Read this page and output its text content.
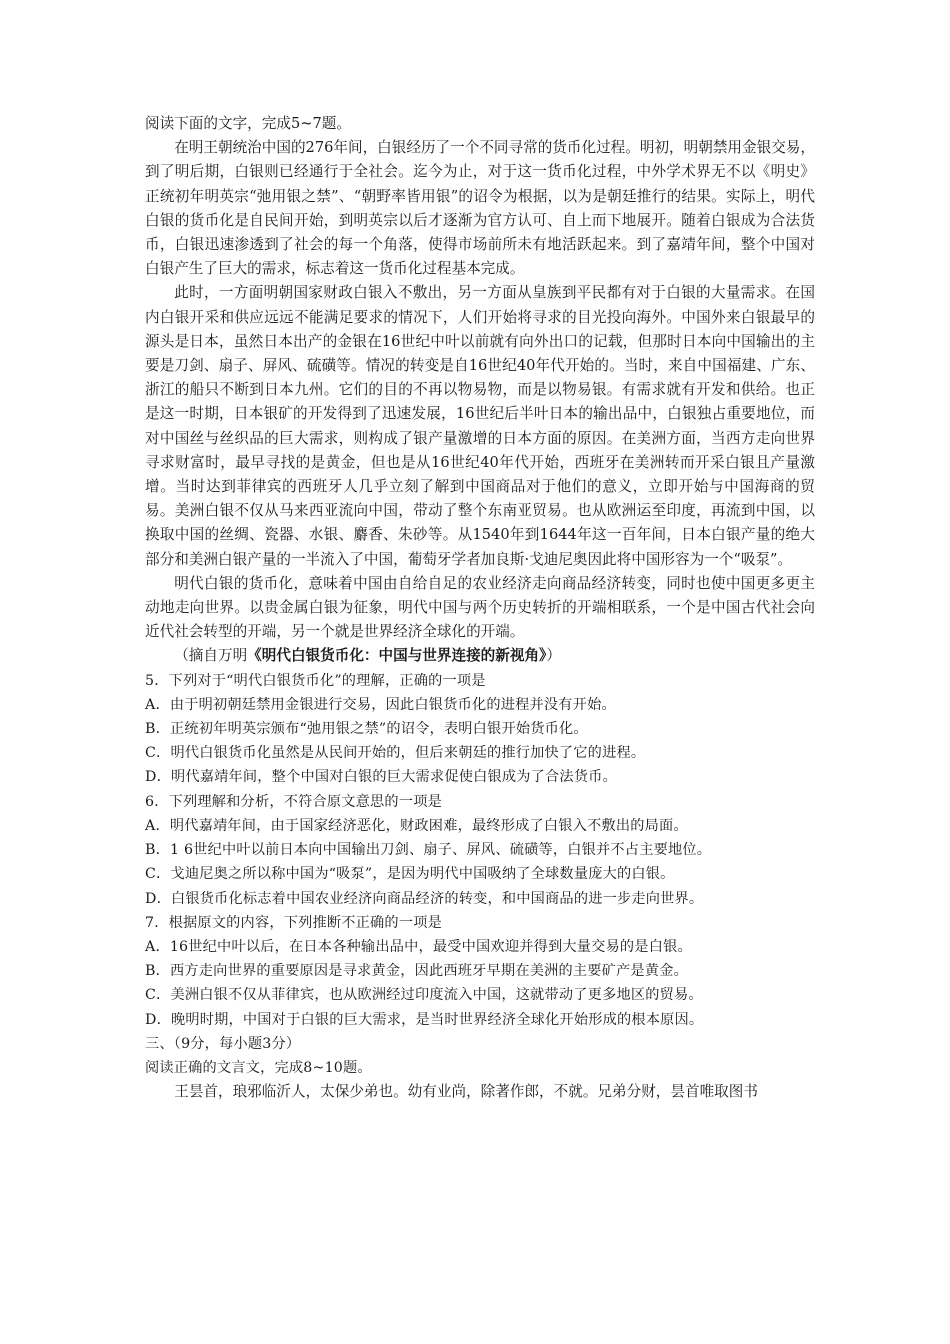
阅读下面的文字，完成5~7题。

在明王朝统治中国的276年间，白银经历了一个不同寻常的货币化过程。明初，明朝禁用金银交易，到了明后期，白银则已经通行于全社会。迄今为止，对于这一货币化过程，中外学术界无不以《明史》正统初年明英宗“弛用银之禁”、“朝野率皆用银”的诏令为根据，以为是朝廷推行的结果。实际上，明代白银的货币化是自民间开始，到明英宗以后才逐渐为官方认可、自上而下地展开。随着白银成为合法货币，白银迅速渗透到了社会的每一个角落，使得市场前所未有地活跃起来。到了嘉靖年间，整个中国对白银产生了巨大的需求，标志着这一货币化过程基本完成。

此时，一方面明朝国家财政白银入不敷出，另一方面从皇族到平民都有对于白银的大量需求。在国内白银开采和供应远远不能满足要求的情况下，人们开始将寻求的目光投向海外。中国外来白银最早的源头是日本，虽然日本出产的金银在16世纪中叶以前就有向外出口的记载，但那时日本向中国输出的主要是刀剑、扇子、屏风、硫磺等。情况的转变是自16世纪40年代开始的。当时，来自中国福建、广东、浙江的船只不断到日本九州。它们的目的不再以物易物，而是以物易银。有需求就有开发和供给。也正是这一时期，日本银矿的开发得到了迅速发展，16世纪后半叶日本的输出品中，白银独占重要地位，而对中国丝与丝织品的巨大需求，则构成了银产量激增的日本方面的原因。在美洲方面，当西方走向世界寻求财富时，最早寻找的是黄金，但也是从16世纪40年代开始，西班牙在美洲转而开采白银且产量激增。当时达到菲律宾的西班牙人几乎立刻了解到中国商品对于他们的意义，立即开始与中国海商的贸易。美洲白银不仅从马来西亚流向中国，带动了整个东南亚贸易。也从欧洲运至印度，再流到中国，以换取中国的丝绸、瓷器、水银、麝香、朱砂等。从1540年到1644年这一百年间，日本白银产量的绝大部分和美洲白银产量的一半流入了中国，葡萄牙学者加良斯·戈迪尼奥因此将中国形容为一个“吸泵”。

明代白银的货币化，意味着中国由自给自足的农业经济走向商品经济转变，同时也使中国更多更主动地走向世界。以贵金属白银为征象，明代中国与两个历史转折的开端相联系，一个是中国古代社会向近代社会转型的开端，另一个就是世界经济全球化的开端。

（摘自万明《明代白银货币化：中国与世界连接的新视角》）

5．下列对于“明代白银货币化”的理解，正确的一项是

A．由于明初朝廷禁用金银进行交易，因此白银货币化的进程并没有开始。

B．正统初年明英宗颁布“弛用银之禁”的诏令，表明白银开始货币化。

C．明代白银货币化虽然是从民间开始的，但后来朝廷的推行加快了它的进程。

D．明代嘉靖年间，整个中国对白银的巨大需求促使白银成为了合法货币。

6．下列理解和分析，不符合原文意思的一项是

A．明代嘉靖年间，由于国家经济恶化，财政困难，最终形成了白银入不敷出的局面。

B．1 6世纪中叶以前日本向中国输出刀剑、扇子、屏风、硫磺等，白银并不占主要地位。

C．戈迪尼奥之所以称中国为“吸泵”，是因为明代中国吸纳了全球数量庞大的白银。

D．白银货币化标志着中国农业经济向商品经济的转变，和中国商品的进一步走向世界。

7．根据原文的内容，下列推断不正确的一项是

A．16世纪中叶以后，在日本各种输出品中，最受中国欢迎并得到大量交易的是白银。

B．西方走向世界的重要原因是寻求黄金，因此西班牙早期在美洲的主要矿产是黄金。

C．美洲白银不仅从菲律宾，也从欧洲经过印度流入中国，这就带动了更多地区的贸易。

D．晚明时期，中国对于白银的巨大需求，是当时世界经济全球化开始形成的根本原因。

三、（9分，每小题3分）

阅读正确的文言文，完成8~10题。

王昙首，琅邪临沂人，太保少弟也。幼有业尚，除著作郎，不就。兄弟分财，昙首唯取图书
